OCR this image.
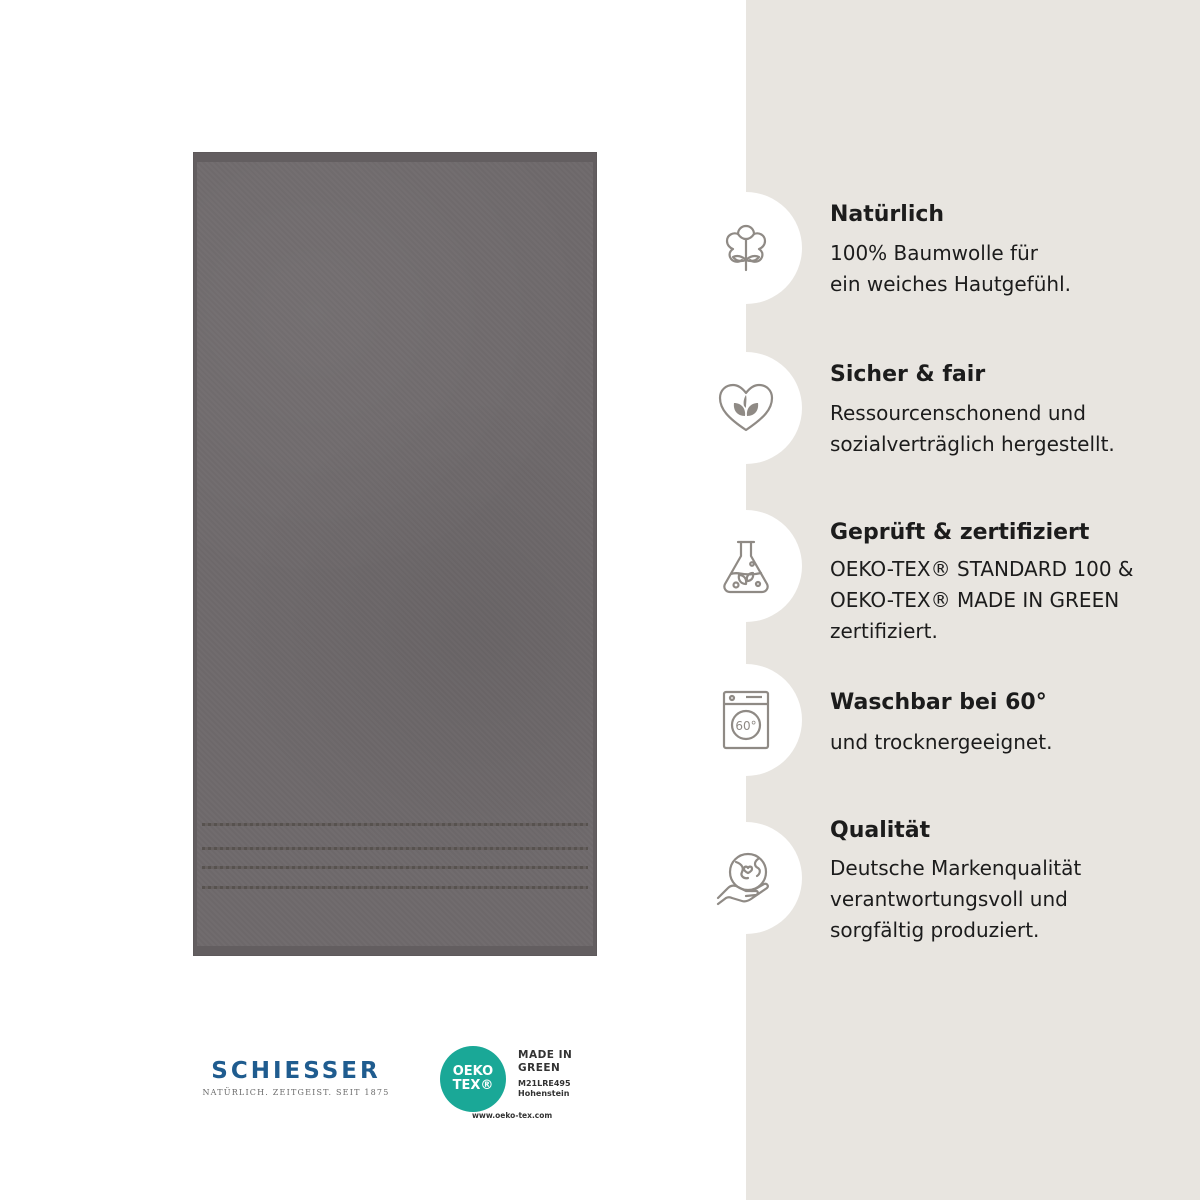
Natürlich
100% Baumwolle für
ein weiches Hautgefühl.
Sicher & fair
Ressourcenschonend und
sozialverträglich hergestellt.
Geprüft & zertifiziert
OEKO-TEX® STANDARD 100 &
OEKO-TEX® MADE IN GREEN
zertifiziert.
60°
Waschbar bei 60°
und trocknergeeignet.
Qualität
Deutsche Markenqualität
verantwortungsvoll und
sorgfältig produziert.
SCHIESSER
NATÜRLICH. ZEITGEIST. SEIT 1875
OEKO
TEX®
MADE IN
GREEN
M21LRE495
Hohenstein
www.oeko-tex.com
